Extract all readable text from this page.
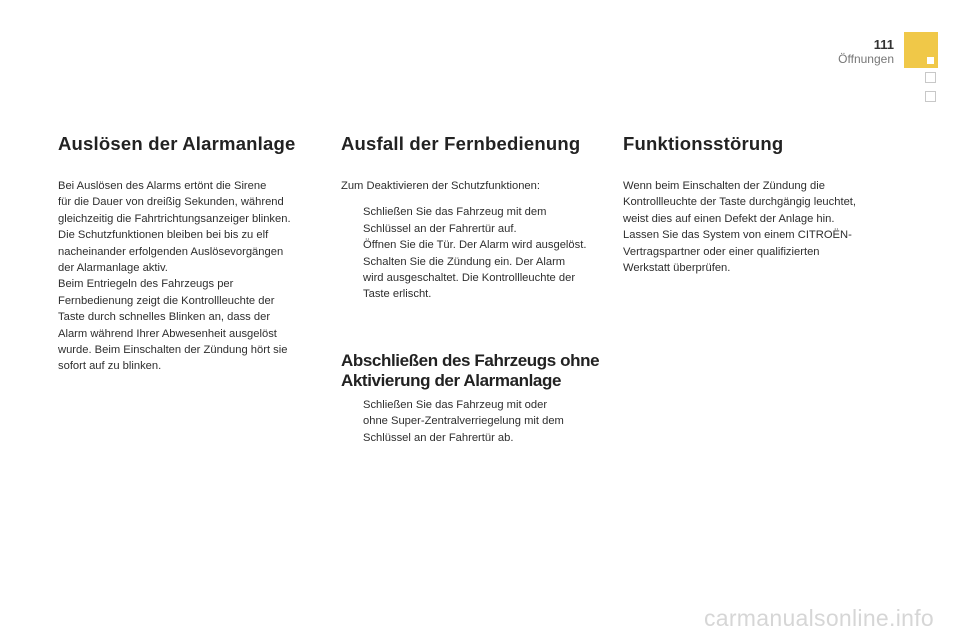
111
Öffnungen
Auslösen der Alarmanlage

Bei Auslösen des Alarms ertönt die Sirene
für die Dauer von dreißig Sekunden, während
gleichzeitig die Fahrtrichtungsanzeiger blinken.
Die Schutzfunktionen bleiben bei bis zu elf
nacheinander erfolgenden Auslösevorgängen
der Alarmanlage aktiv.
Beim Entriegeln des Fahrzeugs per
Fernbedienung zeigt die Kontrollleuchte der
Taste durch schnelles Blinken an, dass der
Alarm während Ihrer Abwesenheit ausgelöst
wurde. Beim Einschalten der Zündung hört sie
sofort auf zu blinken.

Ausfall der Fernbedienung

Zum Deaktivieren der Schutzfunktionen:

Schließen Sie das Fahrzeug mit dem
Schlüssel an der Fahrertür auf.
Öffnen Sie die Tür. Der Alarm wird ausgelöst.
Schalten Sie die Zündung ein. Der Alarm
wird ausgeschaltet. Die Kontrollleuchte der
Taste erlischt.
Funktionsstörung

Wenn beim Einschalten der Zündung die
Kontrollleuchte der Taste durchgängig leuchtet,
weist dies auf einen Defekt der Anlage hin.
Lassen Sie das System von einem CITROËN-
Vertragspartner oder einer qualifizierten
Werkstatt überprüfen.

Abschließen des Fahrzeugs ohne
Aktivierung der Alarmanlage
Schließen Sie das Fahrzeug mit oder
ohne Super-Zentralverriegelung mit dem
Schlüssel an der Fahrertür ab.
carmanualsonline.info
